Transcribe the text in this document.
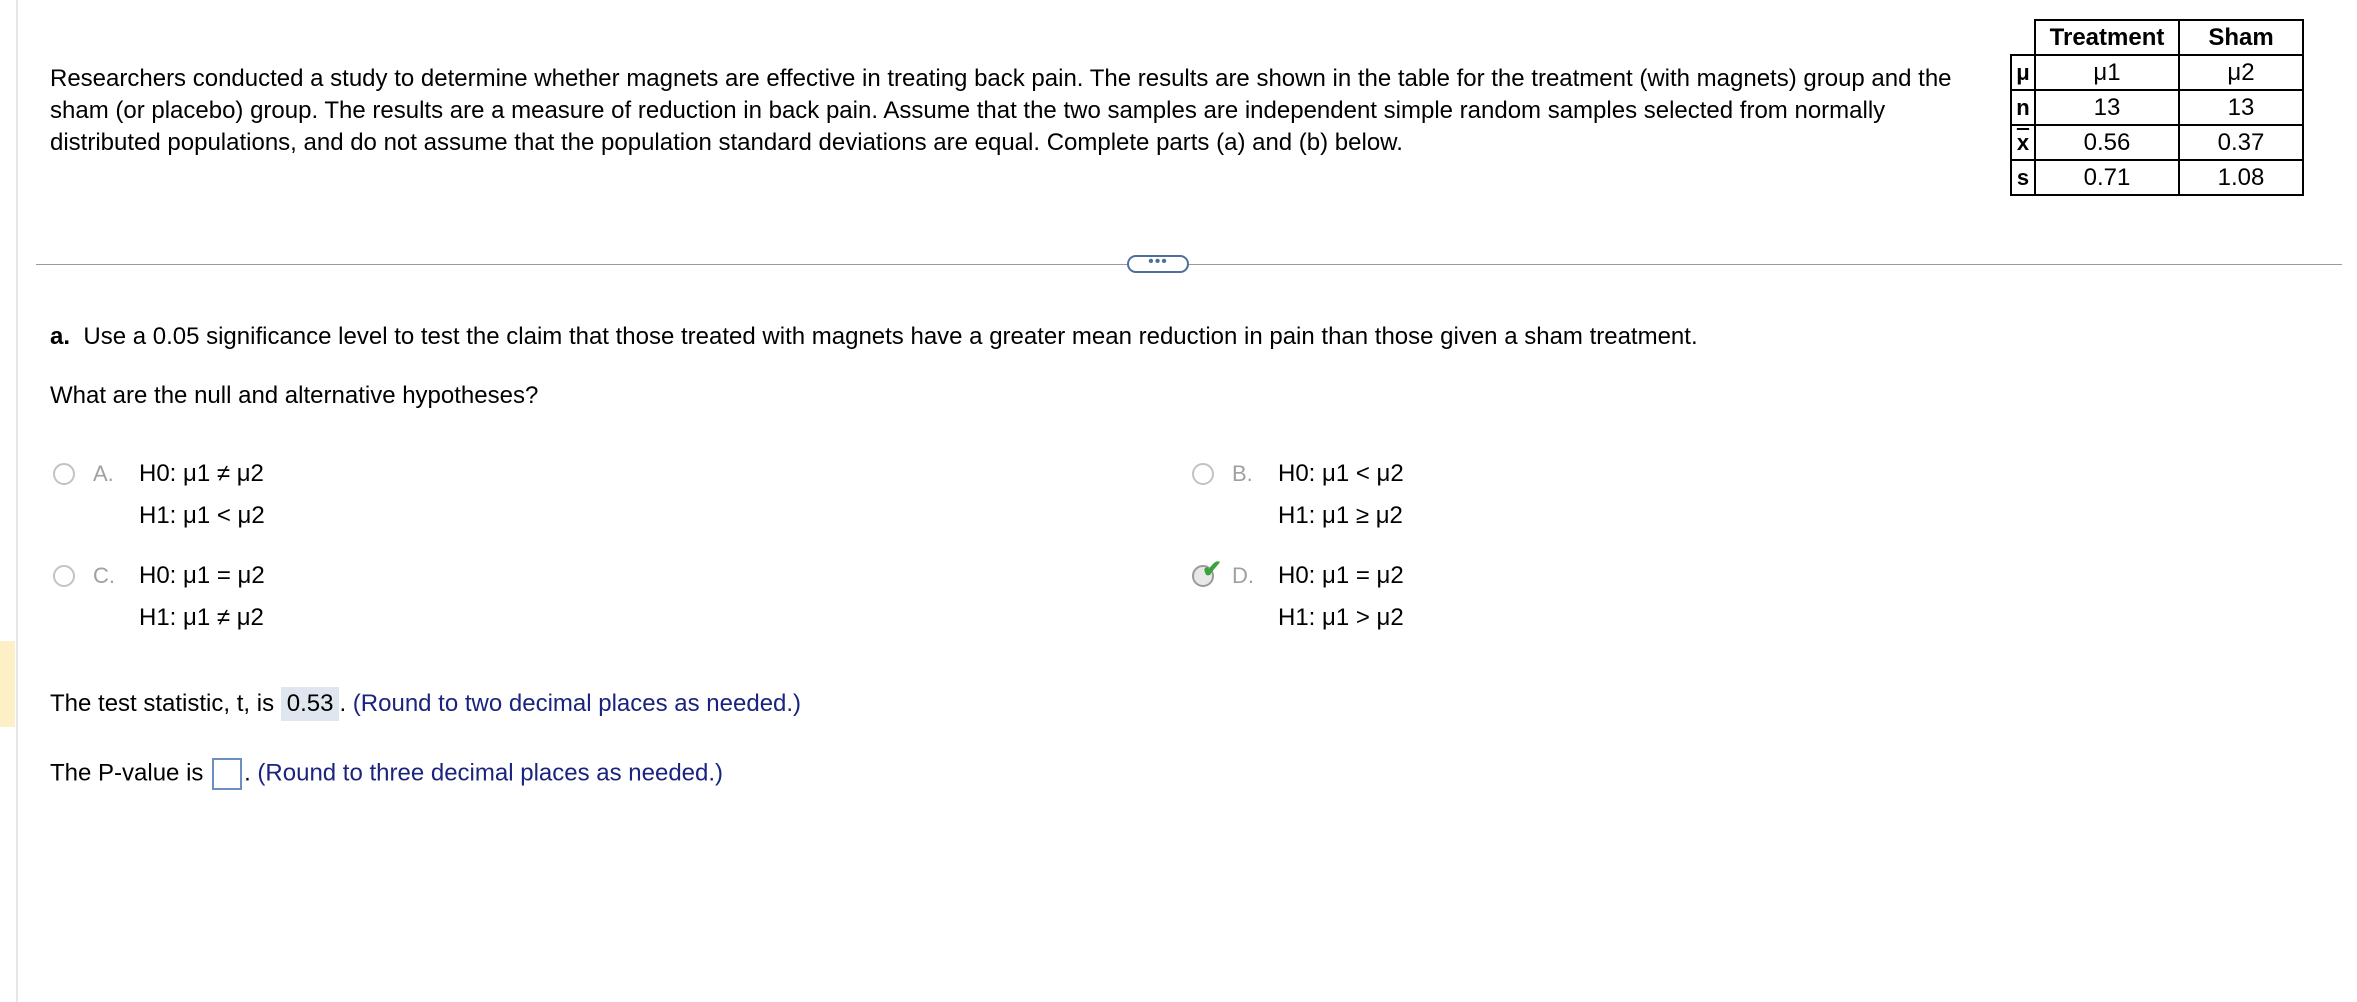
Researchers conducted a study to determine whether magnets are effective in treating back pain. The results are shown in the table for the treatment (with magnets) group and the sham (or placebo) group. The results are a measure of reduction in back pain. Assume that the two samples are independent simple random samples selected from normally distributed populations, and do not assume that the population standard deviations are equal. Complete parts (a) and (b) below.
	Treatment	Sham
μ	μ1	μ2
n	13	13
$\overline{x}$	0.56	0.37
s	0.71	1.08
•••
a. Use a 0.05 significance level to test the claim that those treated with magnets have a greater mean reduction in pain than those given a sham treatment.
What are the null and alternative hypotheses?
A. H0: μ1 ≠ μ2
H1: μ1 < μ2
B. H0: μ1 < μ2
H1: μ1 ≥ μ2
C. H0: μ1 = μ2
H1: μ1 ≠ μ2
✔ D. H0: μ1 = μ2
H1: μ1 > μ2
The test statistic, t, is 0.53 . (Round to two decimal places as needed.)
The P-value is . (Round to three decimal places as needed.)
